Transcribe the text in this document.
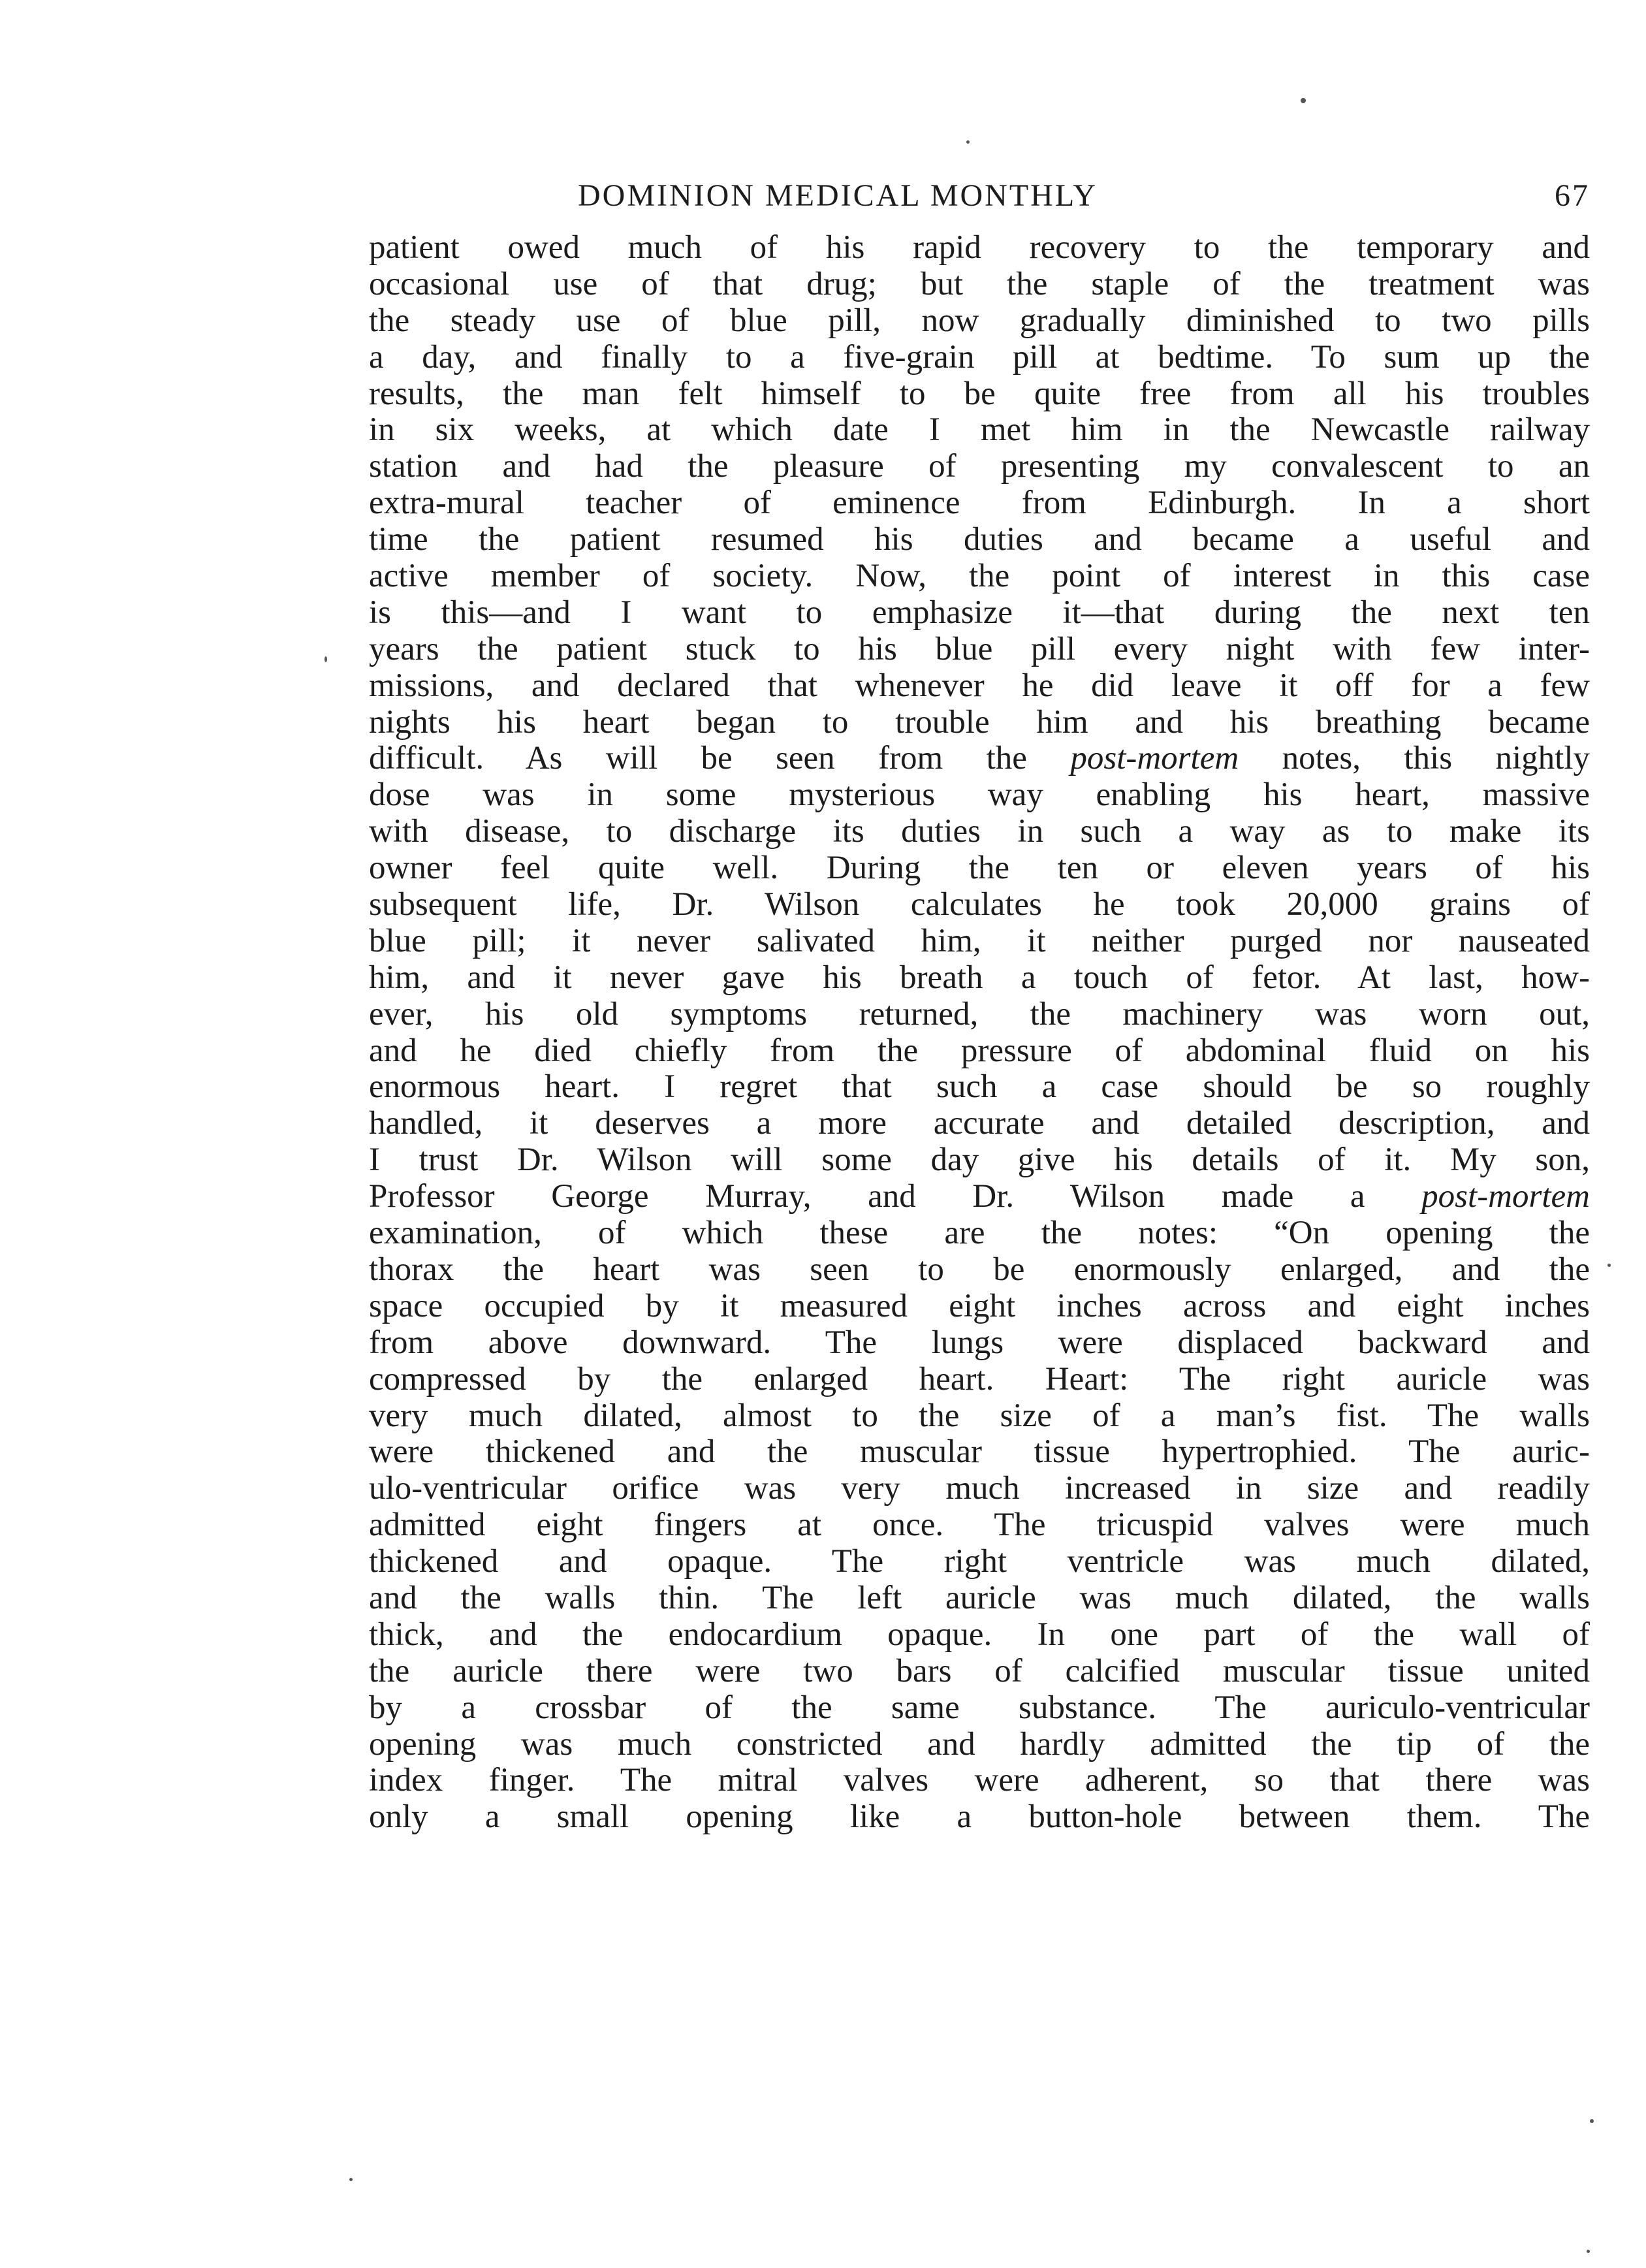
DOMINION MEDICAL MONTHLY	67
patient owed much of his rapid recovery to the temporary and
occasional use of that drug; but the staple of the treatment was
the steady use of blue pill, now gradually diminished to two pills
a day, and finally to a five-grain pill at bedtime. To sum up the
results, the man felt himself to be quite free from all his troubles
in six weeks, at which date I met him in the Newcastle railway
station and had the pleasure of presenting my convalescent to an
extra-mural teacher of eminence from Edinburgh. In a short
time the patient resumed his duties and became a useful and
active member of society. Now, the point of interest in this case
is this—and I want to emphasize it—that during the next ten
years the patient stuck to his blue pill every night with few inter-
missions, and declared that whenever he did leave it off for a few
nights his heart began to trouble him and his breathing became
difficult. As will be seen from the post-mortem notes, this nightly
dose was in some mysterious way enabling his heart, massive
with disease, to discharge its duties in such a way as to make its
owner feel quite well. During the ten or eleven years of his
subsequent life, Dr. Wilson calculates he took 20,000 grains of
blue pill; it never salivated him, it neither purged nor nauseated
him, and it never gave his breath a touch of fetor. At last, how-
ever, his old symptoms returned, the machinery was worn out,
and he died chiefly from the pressure of abdominal fluid on his
enormous heart. I regret that such a case should be so roughly
handled, it deserves a more accurate and detailed description, and
I trust Dr. Wilson will some day give his details of it. My son,
Professor George Murray, and Dr. Wilson made a post-mortem
examination, of which these are the notes: “On opening the
thorax the heart was seen to be enormously enlarged, and the
space occupied by it measured eight inches across and eight inches
from above downward. The lungs were displaced backward and
compressed by the enlarged heart. Heart: The right auricle was
very much dilated, almost to the size of a man’s fist. The walls
were thickened and the muscular tissue hypertrophied. The auric-
ulo-ventricular orifice was very much increased in size and readily
admitted eight fingers at once. The tricuspid valves were much
thickened and opaque. The right ventricle was much dilated,
and the walls thin. The left auricle was much dilated, the walls
thick, and the endocardium opaque. In one part of the wall of
the auricle there were two bars of calcified muscular tissue united
by a crossbar of the same substance. The auriculo-ventricular
opening was much constricted and hardly admitted the tip of the
index finger. The mitral valves were adherent, so that there was
only a small opening like a button-hole between them. The
